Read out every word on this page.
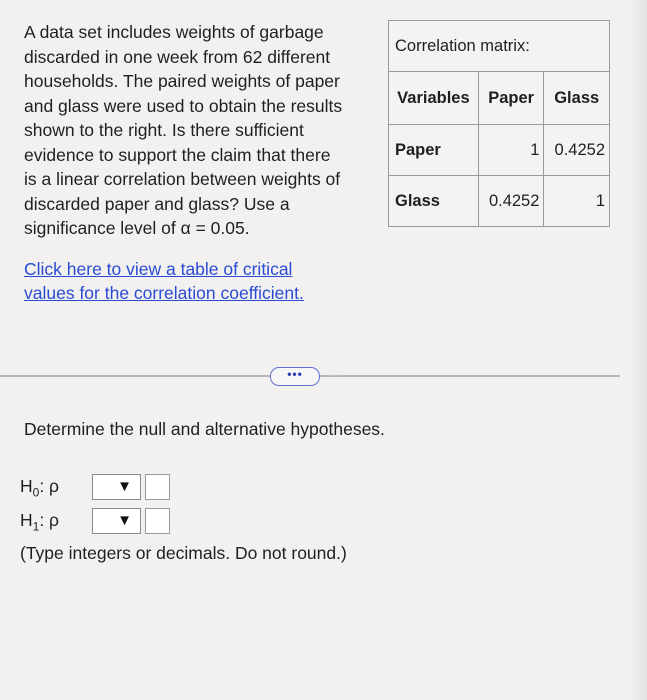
A data set includes weights of garbage

discarded in one week from 62 different

households. The paired weights of paper

and glass were used to obtain the results

shown to the right. Is there sufficient

evidence to support the claim that there

is a linear correlation between weights of

discarded paper and glass? Use a

significance level of α = 0.05.

Click here to view a table of critical
values for the correlation coefficient.
Correlation matrix:		
Variables	Paper	Glass
Paper	1	0.4252
Glass	0.4252	1
•••	⋯
Determine the null and alternative hypotheses.
$H_0$: ρ	▼
$H_1$: ρ	▼
(Type integers or decimals. Do not round.)
